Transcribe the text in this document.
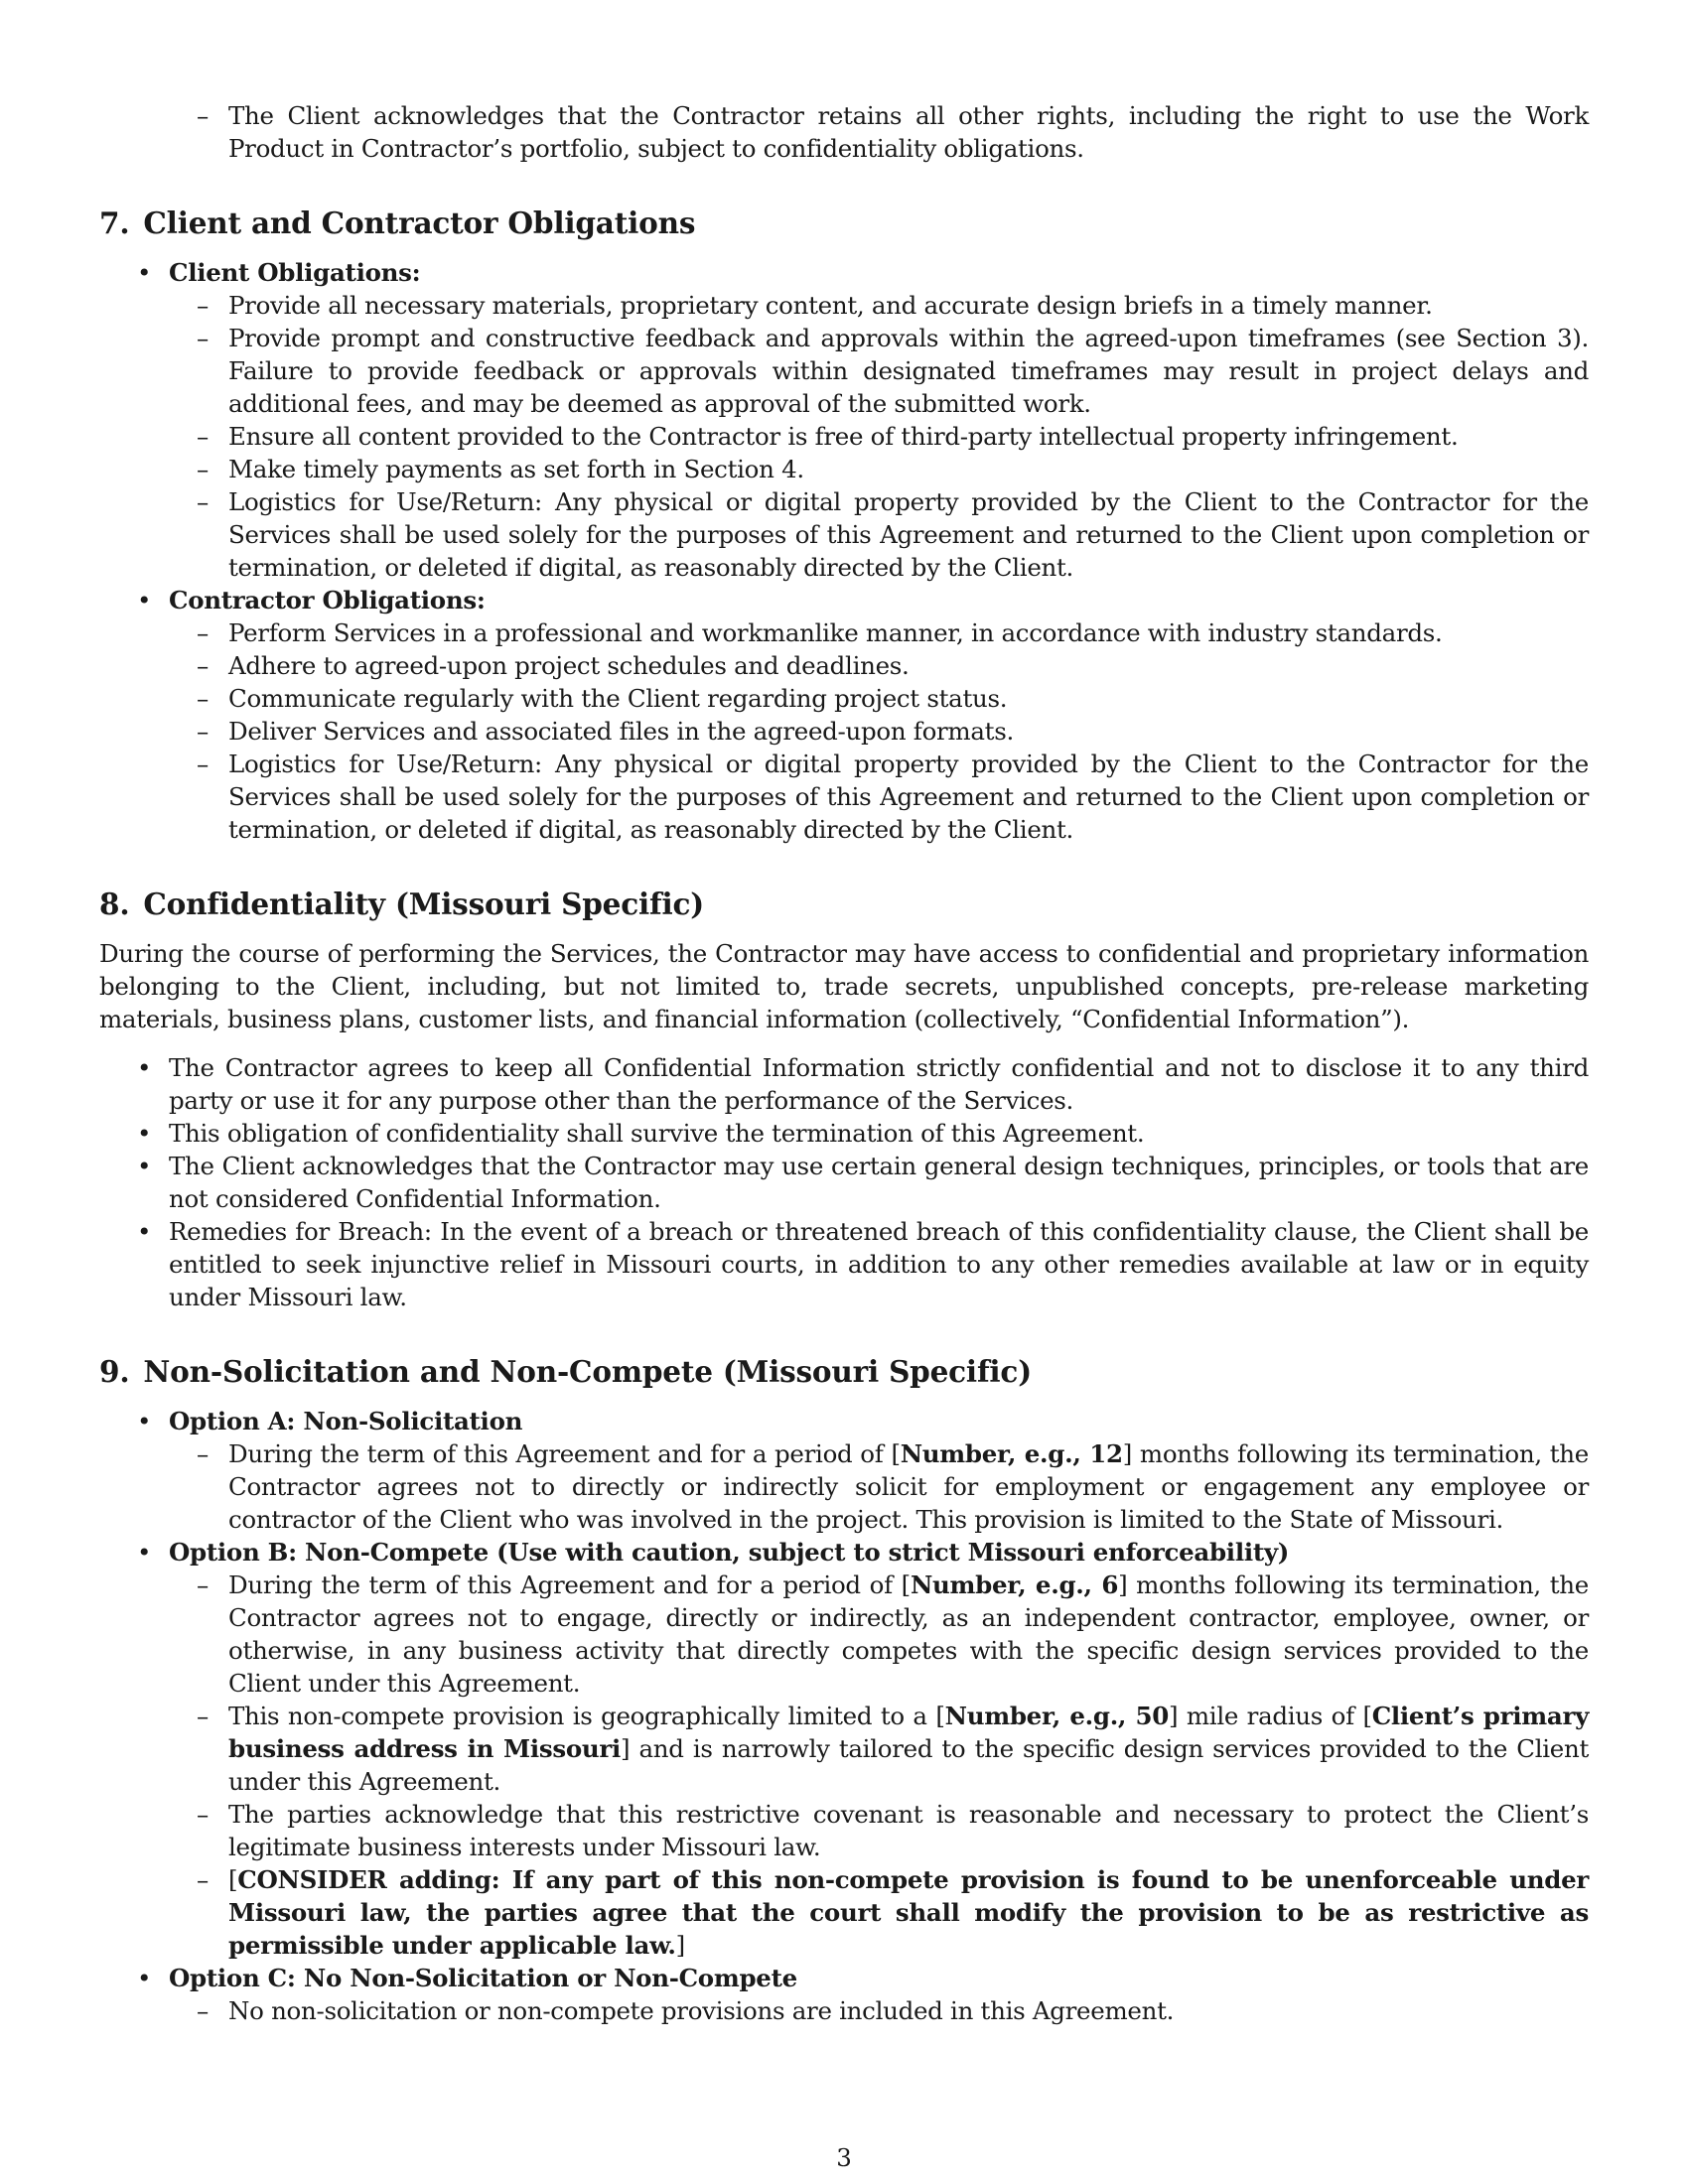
– The Client acknowledges that the Contractor retains all other rights, including the right to use the Work Product in Contractor’s portfolio, subject to confidentiality obligations.
7. Client and Contractor Obligations
• Client Obligations:
– Provide all necessary materials, proprietary content, and accurate design briefs in a timely manner.
– Provide prompt and constructive feedback and approvals within the agreed-upon timeframes (see Section 3). Failure to provide feedback or approvals within designated timeframes may result in project delays and additional fees, and may be deemed as approval of the submitted work.
– Ensure all content provided to the Contractor is free of third-party intellectual property infringement.
– Make timely payments as set forth in Section 4.
– Logistics for Use/Return: Any physical or digital property provided by the Client to the Contractor for the Services shall be used solely for the purposes of this Agreement and returned to the Client upon completion or termination, or deleted if digital, as reasonably directed by the Client.
• Contractor Obligations:
– Perform Services in a professional and workmanlike manner, in accordance with industry standards.
– Adhere to agreed-upon project schedules and deadlines.
– Communicate regularly with the Client regarding project status.
– Deliver Services and associated files in the agreed-upon formats.
– Logistics for Use/Return: Any physical or digital property provided by the Client to the Contractor for the Services shall be used solely for the purposes of this Agreement and returned to the Client upon completion or termination, or deleted if digital, as reasonably directed by the Client.
8. Confidentiality (Missouri Specific)

During the course of performing the Services, the Contractor may have access to confidential and proprietary information belonging to the Client, including, but not limited to, trade secrets, unpublished concepts, pre-release marketing materials, business plans, customer lists, and financial information (collectively, “Confidential Information”).

• The Contractor agrees to keep all Confidential Information strictly confidential and not to disclose it to any third party or use it for any purpose other than the performance of the Services.
• This obligation of confidentiality shall survive the termination of this Agreement.
• The Client acknowledges that the Contractor may use certain general design techniques, principles, or tools that are not considered Confidential Information.
• Remedies for Breach: In the event of a breach or threatened breach of this confidentiality clause, the Client shall be entitled to seek injunctive relief in Missouri courts, in addition to any other remedies available at law or in equity under Missouri law.
9. Non-Solicitation and Non-Compete (Missouri Specific)
• Option A: Non-Solicitation
– During the term of this Agreement and for a period of [Number, e.g., 12] months following its termination, the Contractor agrees not to directly or indirectly solicit for employment or engagement any employee or contractor of the Client who was involved in the project. This provision is limited to the State of Missouri.
• Option B: Non-Compete (Use with caution, subject to strict Missouri enforceability)
– During the term of this Agreement and for a period of [Number, e.g., 6] months following its termination, the Contractor agrees not to engage, directly or indirectly, as an independent contractor, employee, owner, or otherwise, in any business activity that directly competes with the specific design services provided to the Client under this Agreement.
– This non-compete provision is geographically limited to a [Number, e.g., 50] mile radius of [Client’s primary business address in Missouri] and is narrowly tailored to the specific design services provided to the Client under this Agreement.
– The parties acknowledge that this restrictive covenant is reasonable and necessary to protect the Client’s legitimate business interests under Missouri law.
– [CONSIDER adding: If any part of this non-compete provision is found to be unenforceable under Missouri law, the parties agree that the court shall modify the provision to be as restrictive as permissible under applicable law.]
• Option C: No Non-Solicitation or Non-Compete
– No non-solicitation or non-compete provisions are included in this Agreement.
3
